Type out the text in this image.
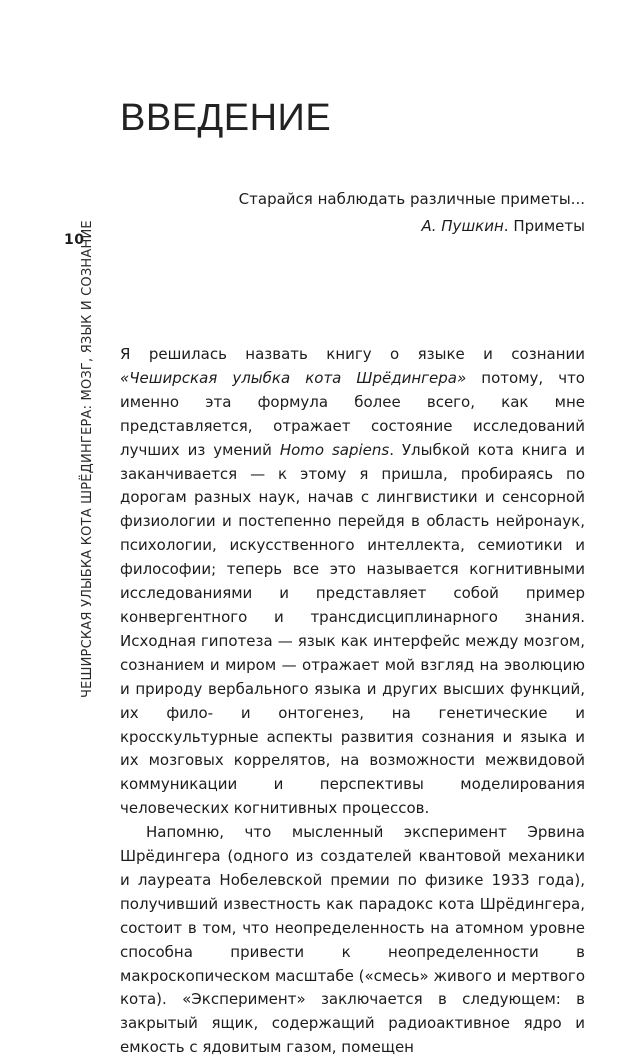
ВВЕДЕНИЕ
Старайся наблюдать различные приметы...
А. Пушкин. Приметы
10
ЧЕШИРСКАЯ УЛЫБКА КОТА ШРЁДИНГЕРА: МОЗГ, ЯЗЫК И СОЗНАНИЕ Я решилась назвать книгу о языке и сознании «Чеширская улыбка кота Шрёдингера» потому, что именно эта формула более всего, как мне представляется, отражает состояние исследований лучших из умений Homo sapiens. Улыбкой кота книга и заканчивается — к этому я пришла, пробираясь по дорогам разных наук, начав с лингвистики и сенсорной физиологии и постепенно перейдя в область нейронаук, психологии, искусственного интеллекта, семиотики и философии; теперь все это называется когнитивными исследованиями и представляет собой пример конвергентного и трансдисциплинарного знания. Исходная гипотеза — язык как интерфейс между мозгом, сознанием и миром — отражает мой взгляд на эволюцию и природу вербального языка и других высших функций, их фило- и онтогенез, на генетические и кросскультурные аспекты развития сознания и языка и их мозговых коррелятов, на возможности межвидовой коммуникации и перспективы моделирования человеческих когнитивных процессов.

Напомню, что мысленный эксперимент Эрвина Шрёдингера (одного из создателей квантовой механики и лауреата Нобелевской премии по физике 1933 года), получивший известность как парадокс кота Шрёдингера, состоит в том, что неопределенность на атомном уровне способна привести к неопределенности в макроскопическом масштабе («смесь» живого и мертвого кота). «Эксперимент» заключается в следующем: в закрытый ящик, содержащий радиоактивное ядро и емкость с ядовитым газом, помещен
